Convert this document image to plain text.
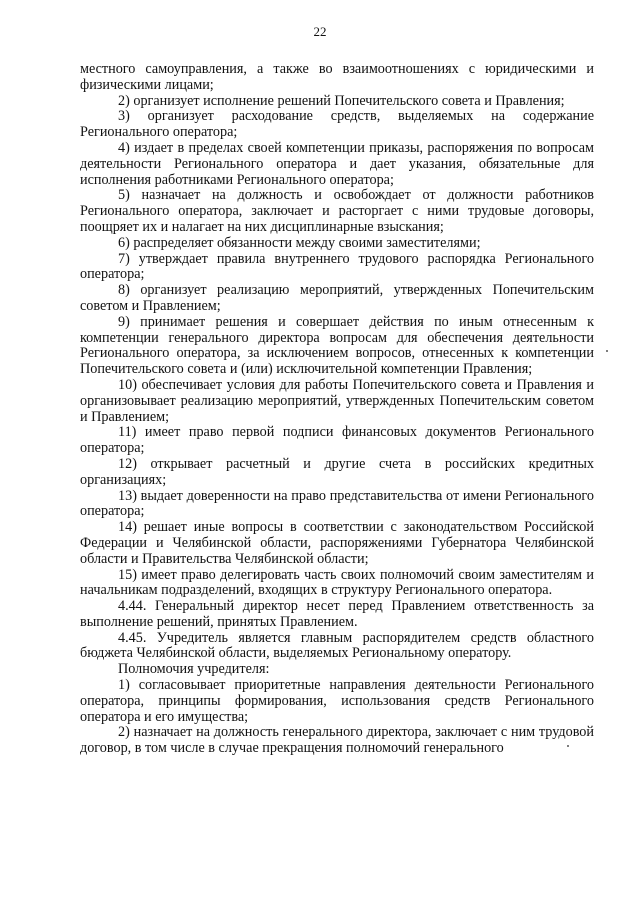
22

местного самоуправления, а также во взаимоотношениях с юридическими и физическими лицами;

2) организует исполнение решений Попечительского совета и Правления;

3) организует расходование средств, выделяемых на содержание Регионального оператора;

4) издает в пределах своей компетенции приказы, распоряжения по вопросам деятельности Регионального оператора и дает указания, обязательные для исполнения работниками Регионального оператора;

5) назначает на должность и освобождает от должности работников Регионального оператора, заключает и расторгает с ними трудовые договоры, поощряет их и налагает на них дисциплинарные взыскания;

6) распределяет обязанности между своими заместителями;

7) утверждает правила внутреннего трудового распорядка Регионального оператора;

8) организует реализацию мероприятий, утвержденных Попечительским советом и Правлением;

9) принимает решения и совершает действия по иным отнесенным к компетенции генерального директора вопросам для обеспечения деятельности Регионального оператора, за исключением вопросов, отнесенных к компетенции Попечительского совета и (или) исключительной компетенции Правления;

10) обеспечивает условия для работы Попечительского совета и Правления и организовывает реализацию мероприятий, утвержденных Попечительским советом и Правлением;

11) имеет право первой подписи финансовых документов Регионального оператора;

12) открывает расчетный и другие счета в российских кредитных организациях;

13) выдает доверенности на право представительства от имени Регионального оператора;

14) решает иные вопросы в соответствии с законодательством Российской Федерации и Челябинской области, распоряжениями Губернатора Челябинской области и Правительства Челябинской области;

15) имеет право делегировать часть своих полномочий своим заместителям и начальникам подразделений, входящих в структуру Регионального оператора.

4.44. Генеральный директор несет перед Правлением ответственность за выполнение решений, принятых Правлением.

4.45. Учредитель является главным распорядителем средств областного бюджета Челябинской области, выделяемых Региональному оператору.

Полномочия учредителя:

1) согласовывает приоритетные направления деятельности Регионального оператора, принципы формирования, использования средств Регионального оператора и его имущества;

2) назначает на должность генерального директора, заключает с ним трудовой договор, в том числе в случае прекращения полномочий генерального
